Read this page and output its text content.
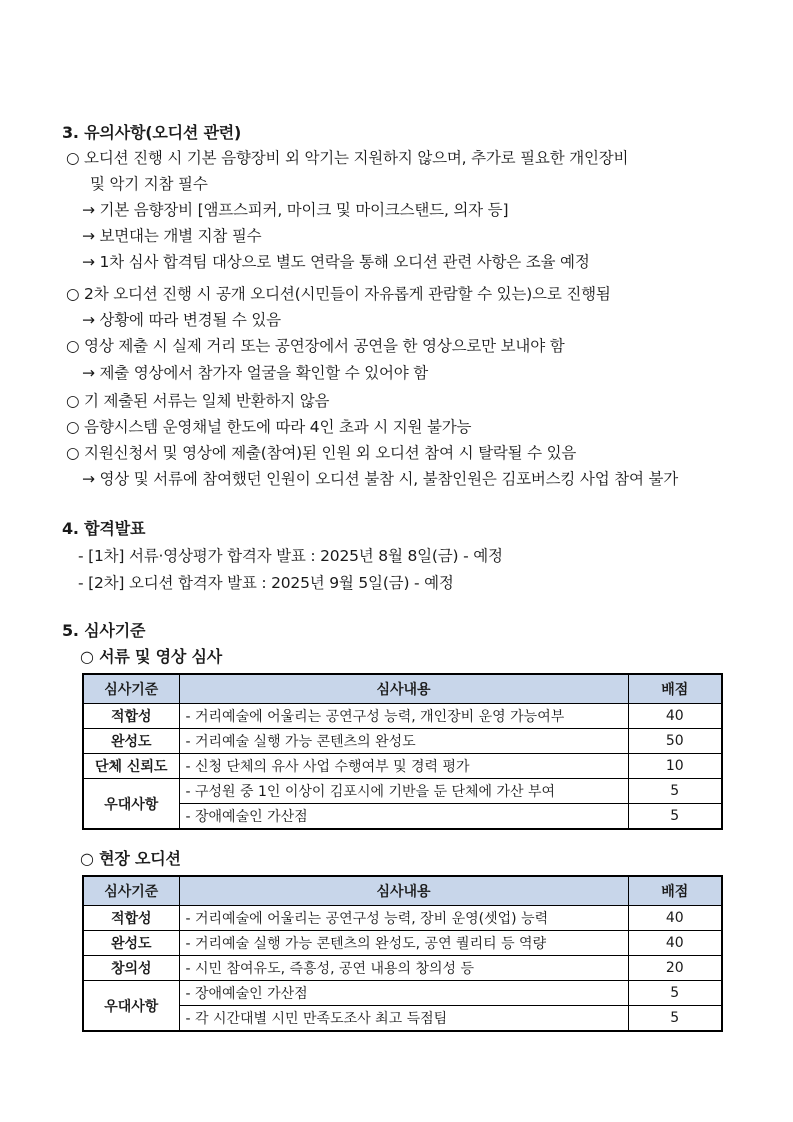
3. 유의사항(오디션 관련)
○ 오디션 진행 시 기본 음향장비 외 악기는 지원하지 않으며, 추가로 필요한 개인장비
및 악기 지참 필수
→ 기본 음향장비 [앰프스피커, 마이크 및 마이크스탠드, 의자 등]
→ 보면대는 개별 지참 필수
→ 1차 심사 합격팀 대상으로 별도 연락을 통해 오디션 관련 사항은 조율 예정
○ 2차 오디션 진행 시 공개 오디션(시민들이 자유롭게 관람할 수 있는)으로 진행됨
→ 상황에 따라 변경될 수 있음
○ 영상 제출 시 실제 거리 또는 공연장에서 공연을 한 영상으로만 보내야 함
→ 제출 영상에서 참가자 얼굴을 확인할 수 있어야 함
○ 기 제출된 서류는 일체 반환하지 않음
○ 음향시스템 운영채널 한도에 따라 4인 초과 시 지원 불가능
○ 지원신청서 및 영상에 제출(참여)된 인원 외 오디션 참여 시 탈락될 수 있음
→ 영상 및 서류에 참여했던 인원이 오디션 불참 시, 불참인원은 김포버스킹 사업 참여 불가
4. 합격발표
- [1차] 서류·영상평가 합격자 발표 : 2025년 8월 8일(금) - 예정
- [2차] 오디션 합격자 발표 : 2025년 9월 5일(금) - 예정
5. 심사기준
○ 서류 및 영상 심사
심사기준	심사내용	배점
적합성	- 거리예술에 어울리는 공연구성 능력, 개인장비 운영 가능여부	40
완성도	- 거리예술 실행 가능 콘텐츠의 완성도	50
단체 신뢰도	- 신청 단체의 유사 사업 수행여부 및 경력 평가	10
우대사항	- 구성원 중 1인 이상이 김포시에 기반을 둔 단체에 가산 부여	5
	- 장애예술인 가산점	5
○ 현장 오디션
심사기준	심사내용	배점
적합성	- 거리예술에 어울리는 공연구성 능력, 장비 운영(셋업) 능력	40
완성도	- 거리예술 실행 가능 콘텐츠의 완성도, 공연 퀄리티 등 역량	40
창의성	- 시민 참여유도, 즉흥성, 공연 내용의 창의성 등	20
우대사항	- 장애예술인 가산점	5
	- 각 시간대별 시민 만족도조사 최고 득점팀	5
